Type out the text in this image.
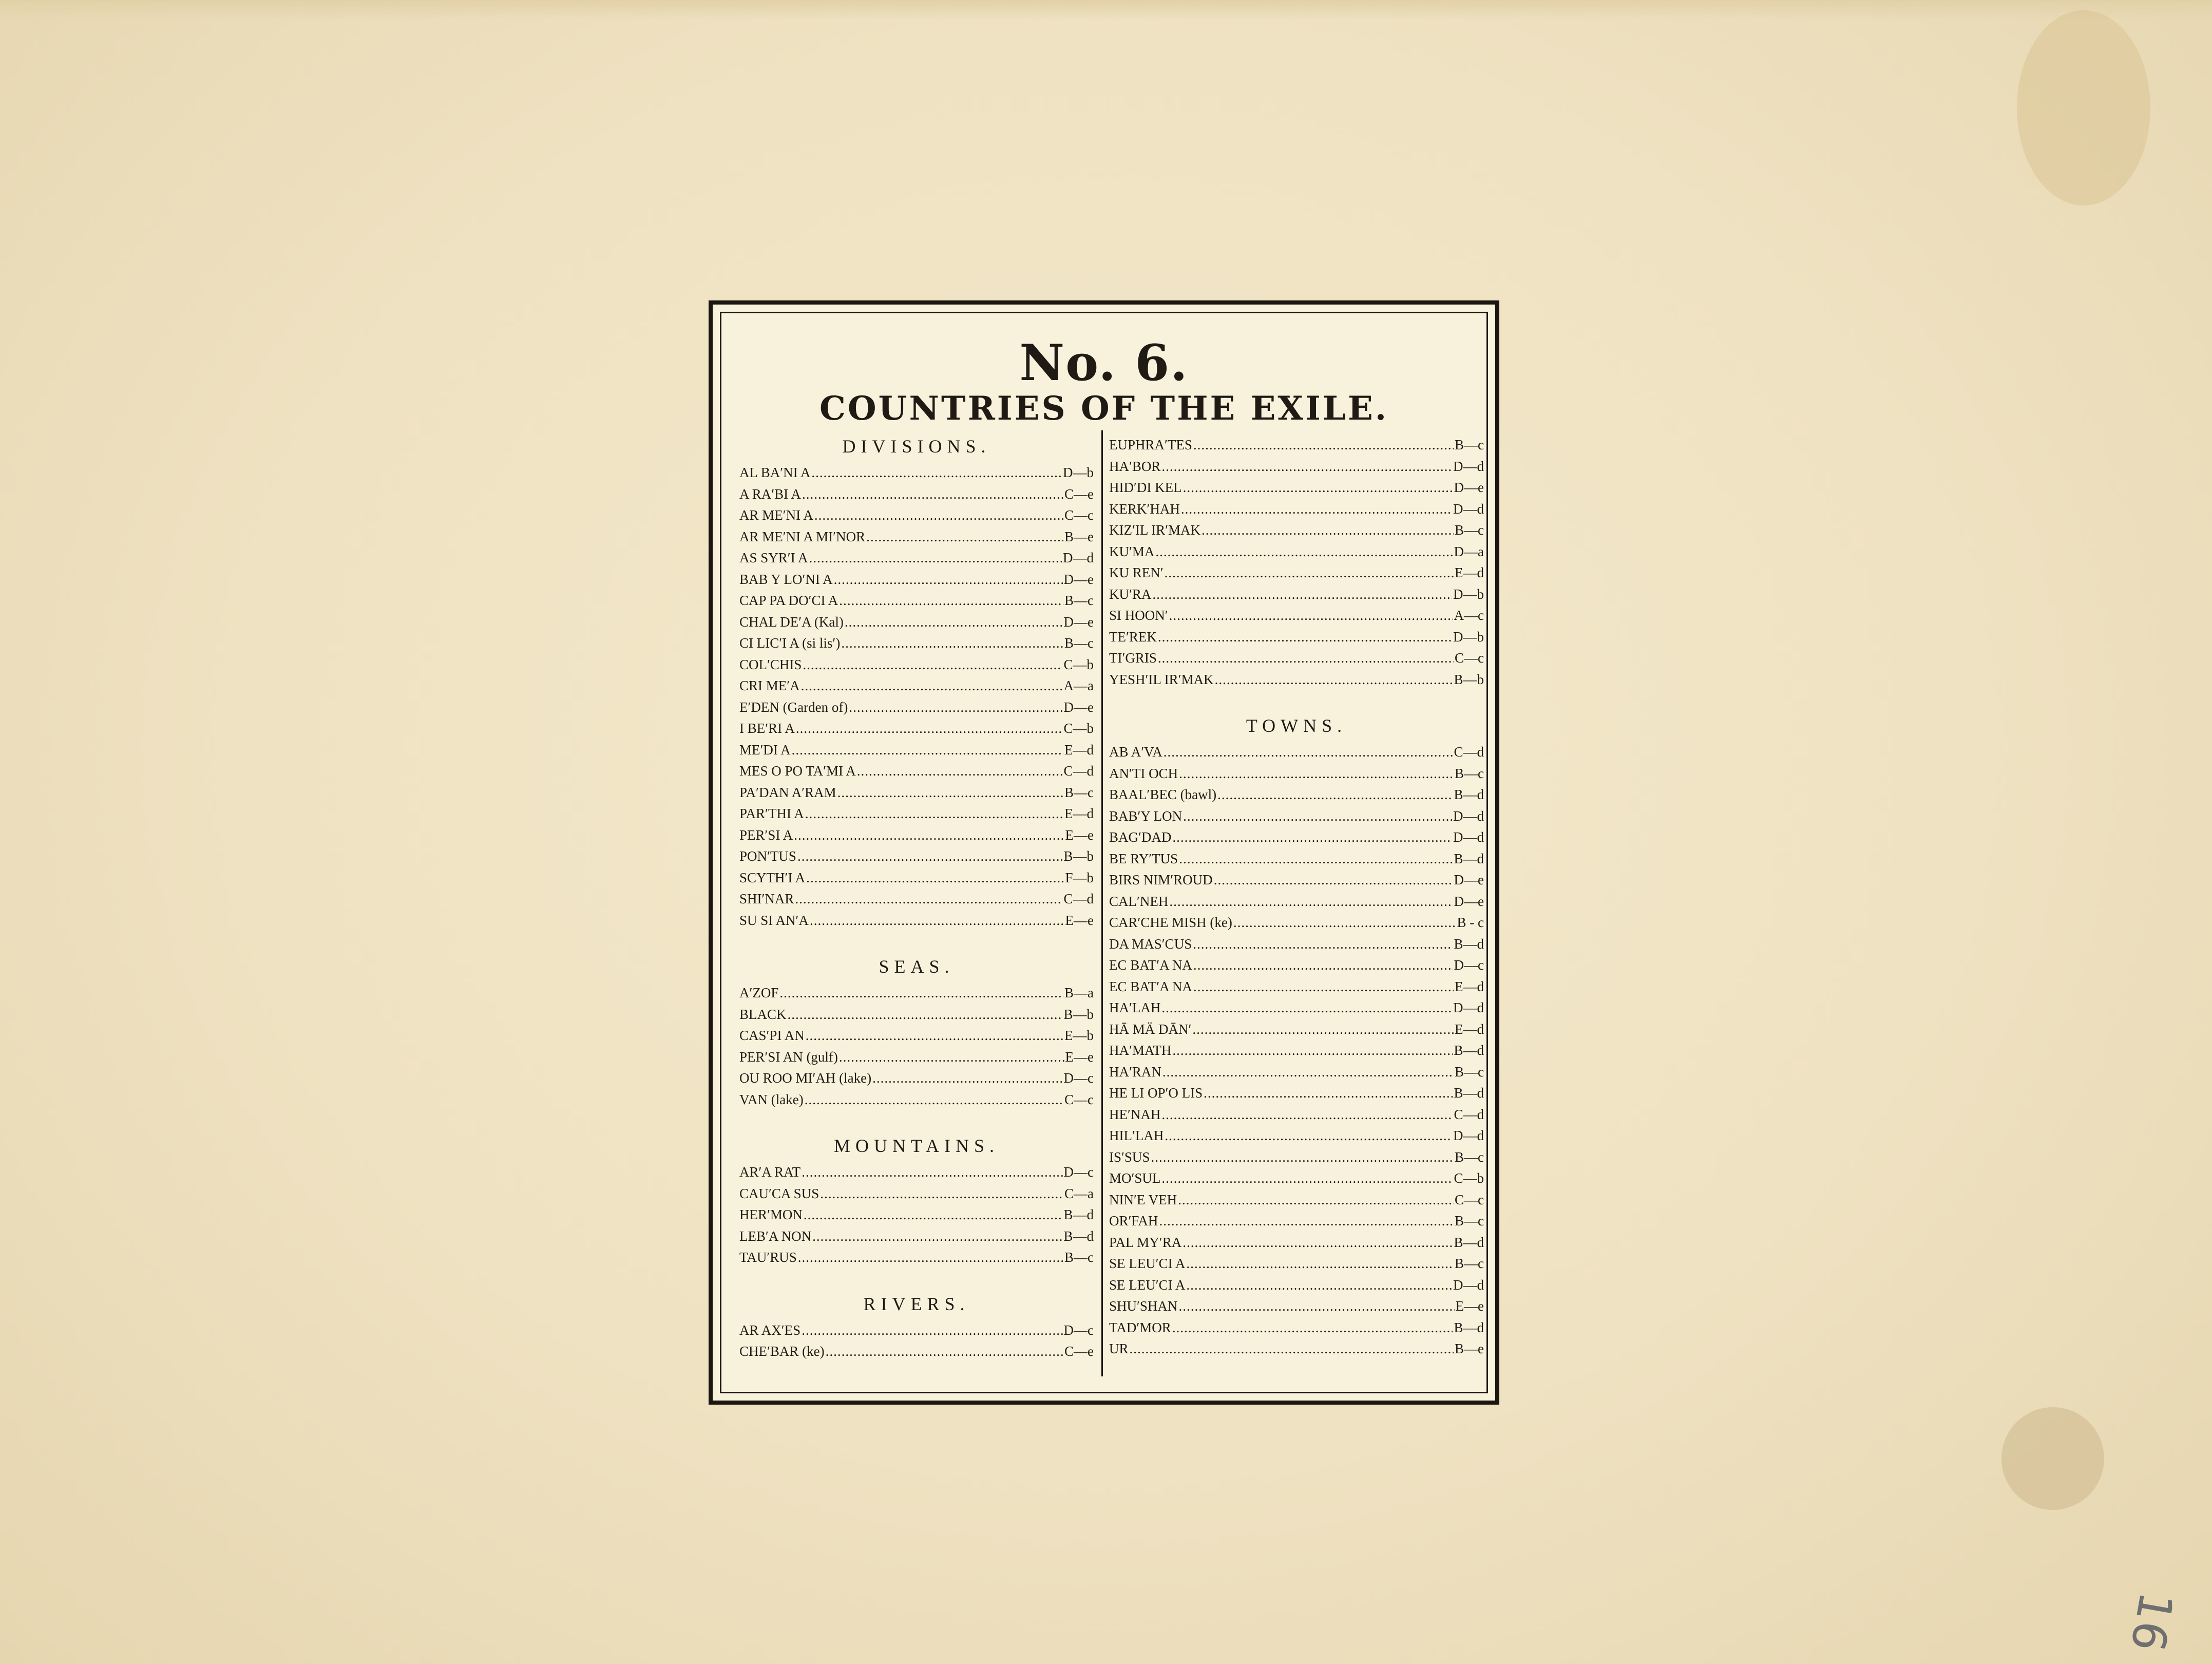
16
No. 6.
COUNTRIES OF THE EXILE.
DIVISIONS.
AL BA′NI A .....	D—b
A RA′BI A .....	C—e
AR ME′NI A .....	C—c
AR ME′NI A MI′NOR .....	B—e
AS SYR′I A .....	D—d
BAB Y LO′NI A .....	D—e
CAP PA DO′CI A .....	B—c
CHAL DE′A (Kal) .....	D—e
CI LIC′I A (si lis′) .....	B—c
COL′CHIS .....	C—b
CRI ME′A .....	A—a
E′DEN (Garden of) .....	D—e
I BE′RI A .....	C—b
ME′DI A .....	E—d
MES O PO TA′MI A .....	C—d
PA′DAN A′RAM .....	B—c
PAR′THI A .....	E—d
PER′SI A .....	E—e
PON′TUS .....	B—b
SCYTH′I A .....	F—b
SHI′NAR .....	C—d
SU SI AN′A .....	E—e
SEAS.
A′ZOF .....	B—a
BLACK .....	B—b
CAS′PI AN .....	E—b
PER′SI AN (gulf) .....	E—e
OU ROO MI′AH (lake) .....	D—c
VAN (lake) .....	C—c
MOUNTAINS.
AR′A RAT .....	D—c
CAU′CA SUS .....	C—a
HER′MON .....	B—d
LEB′A NON .....	B—d
TAU′RUS .....	B—c
RIVERS.
AR AX′ES .....	D—c
CHE′BAR (ke) .....	C—e
EUPHRA′TES .....	B—c
HA′BOR .....	D—d
HID′DI KEL .....	D—e
KERK′HAH .....	D—d
KIZ′IL IR′MAK .....	B—c
KU′MA .....	D—a
KU REN′ .....	E—d
KU′RA .....	D—b
SI HOON′ .....	A—c
TE′REK .....	D—b
TI′GRIS .....	C—c
YESH′IL IR′MAK .....	B—b
TOWNS.
AB A′VA .....	C—d
AN′TI OCH .....	B—c
BAAL′BEC (bawl) .....	B—d
BAB′Y LON .....	D—d
BAG′DAD .....	D—d
BE RY′TUS .....	B—d
BIRS NIM′ROUD .....	D—e
CAL′NEH .....	D—e
CAR′CHE MISH (ke) .....	B - c
DA MAS′CUS .....	B—d
EC BAT′A NA .....	D—c
EC BAT′A NA .....	E—d
HA′LAH .....	D—d
HĀ MÄ DĀN′ .....	E—d
HA′MATH .....	B—d
HA′RAN .....	B—c
HE LI OP′O LIS .....	B—d
HE′NAH .....	C—d
HIL′LAH .....	D—d
IS′SUS .....	B—c
MO′SUL .....	C—b
NIN′E VEH .....	C—c
OR′FAH .....	B—c
PAL MY′RA .....	B—d
SE LEU′CI A .....	B—c
SE LEU′CI A .....	D—d
SHU′SHAN .....	E—e
TAD′MOR .....	B—d
UR .....	B—e
